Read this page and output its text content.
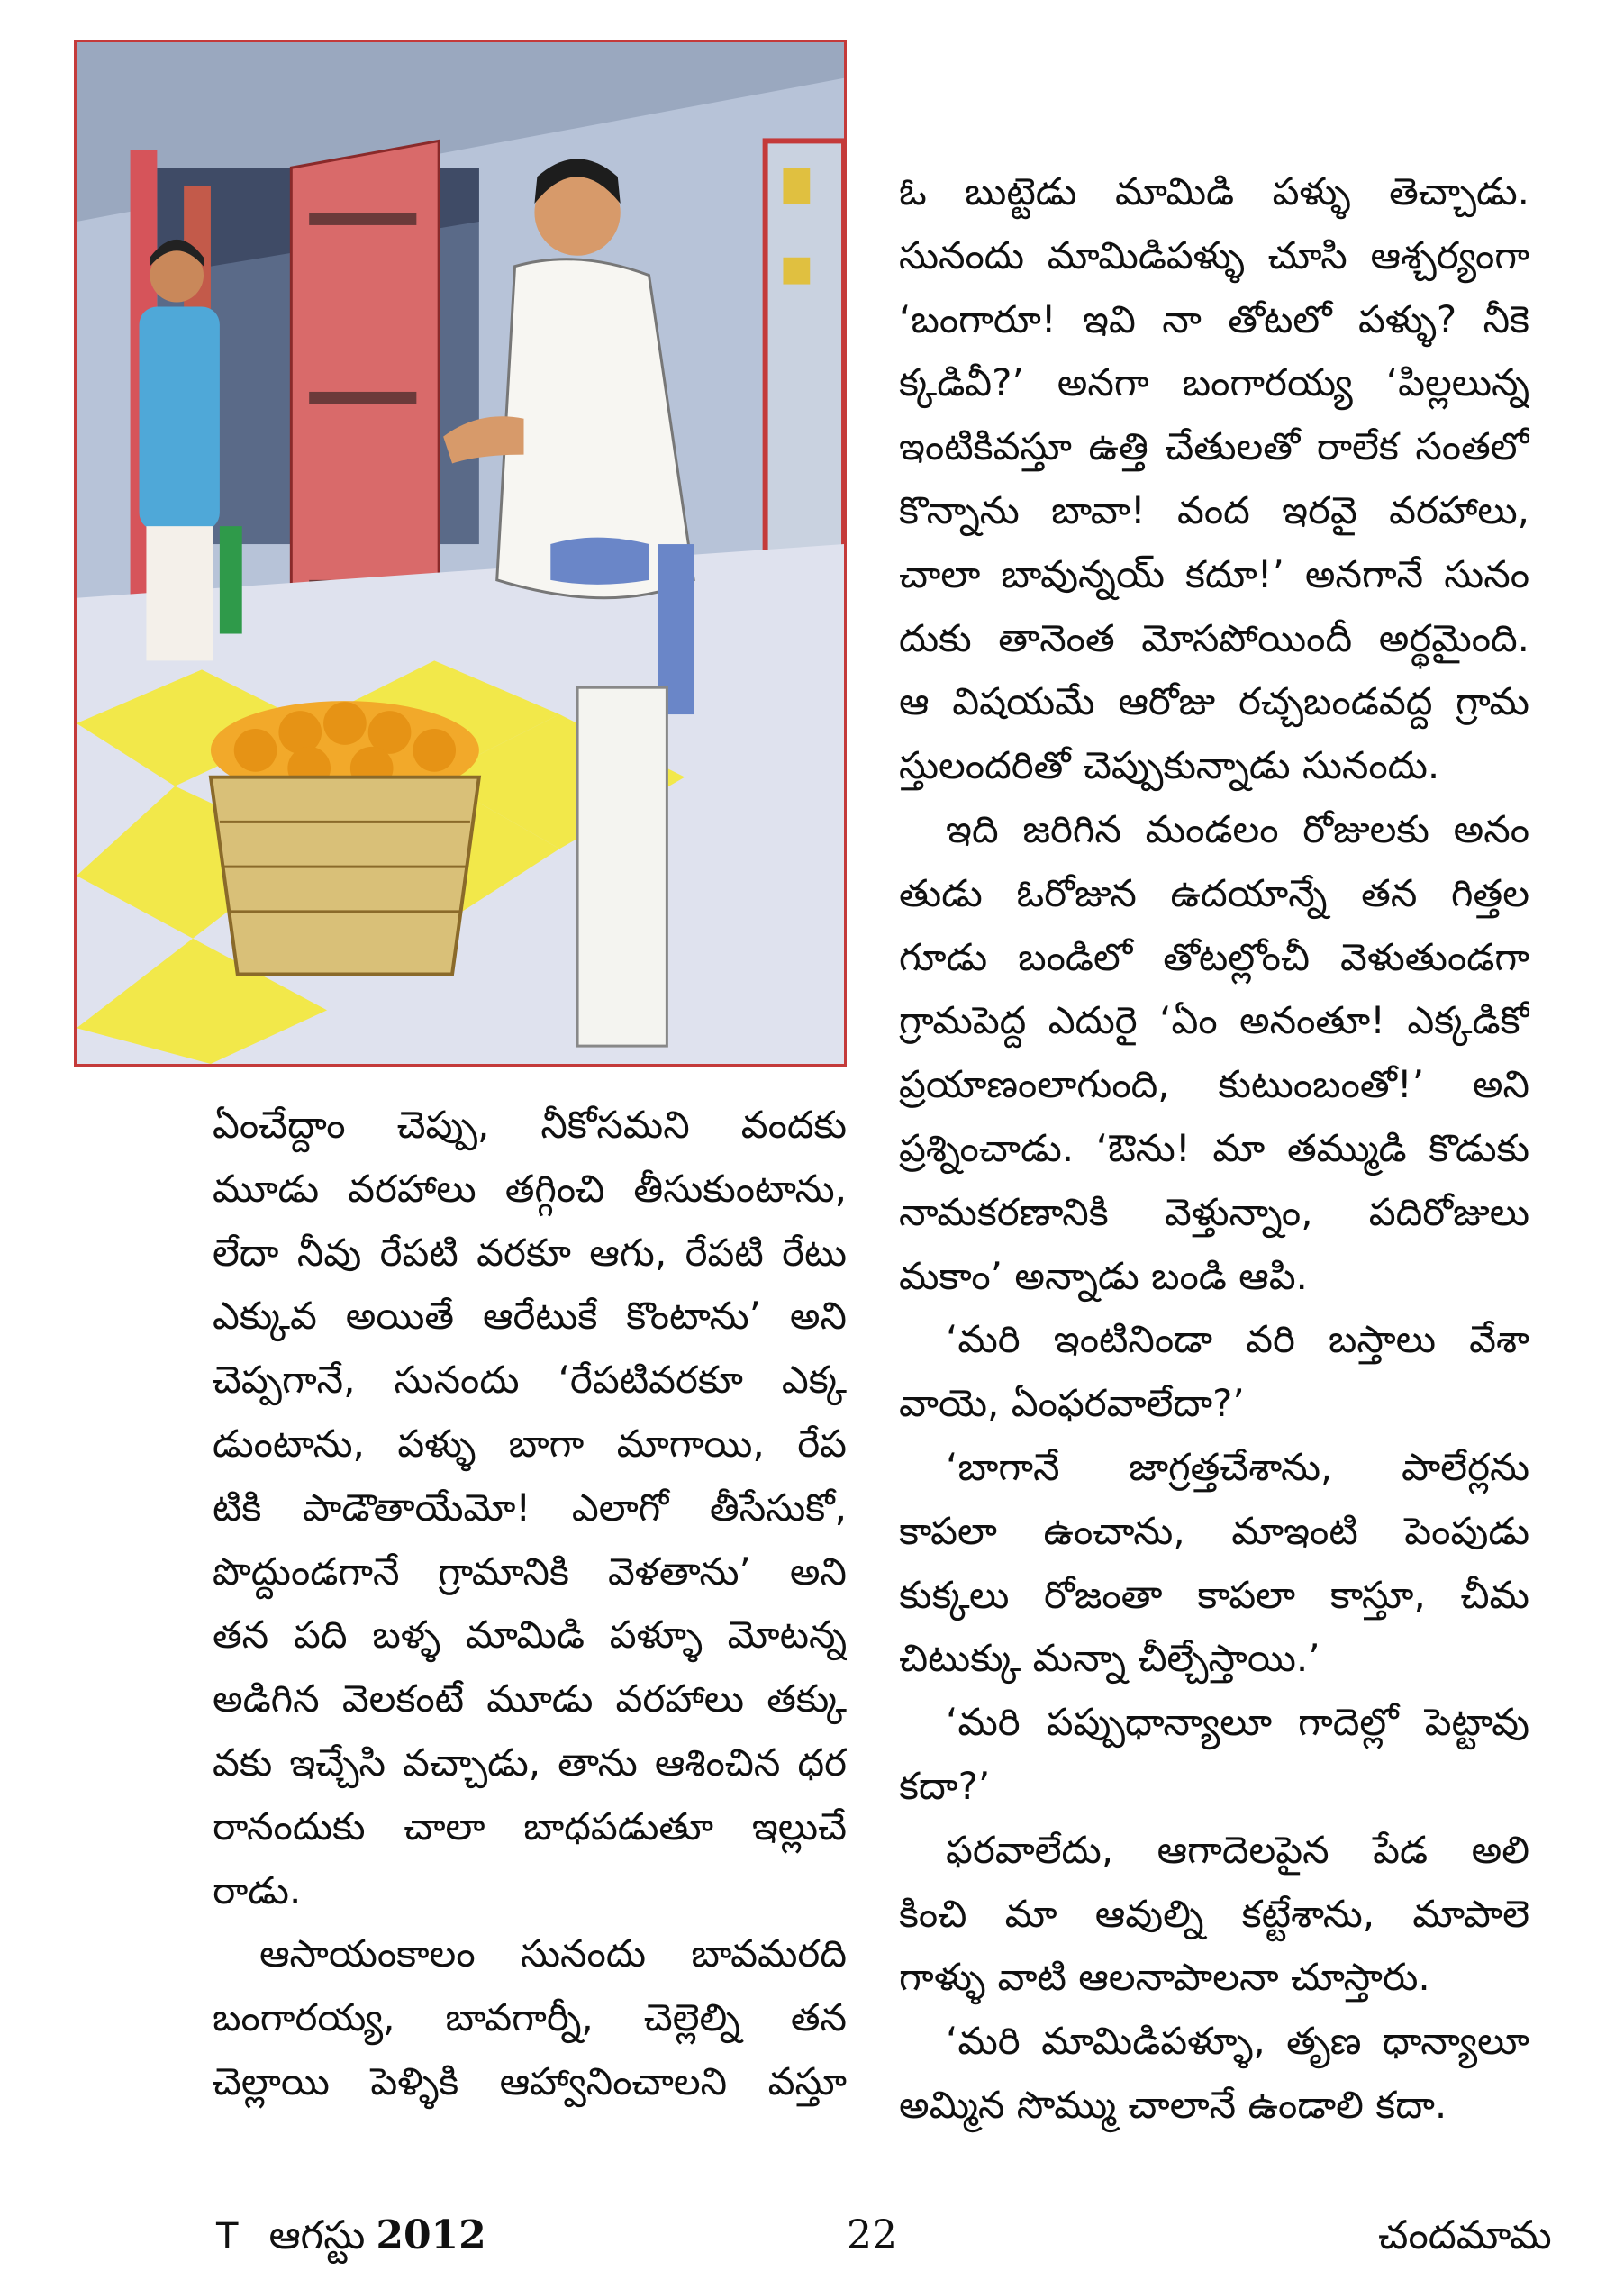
ఓ బుట్టెడు మామిడి పళ్ళు తెచ్చాడు.
సునందు మామిడిపళ్ళు చూసి ఆశ్చర్యంగా
‘బంగారూ! ఇవి నా తోటలో పళ్ళు? నీకె
క్కడివీ?’ అనగా బంగారయ్య ‘పిల్లలున్న
ఇంటికివస్తూ ఉత్తి చేతులతో రాలేక సంతలో
కొన్నాను బావా! వంద ఇరవై వరహాలు,
చాలా బావున్నయ్ కదూ!’ అనగానే సునం
దుకు తానెంత మోసపోయిందీ అర్థమైంది.
ఆ విషయమే ఆరోజు రచ్చబండవద్ద గ్రామ
స్తులందరితో చెప్పుకున్నాడు సునందు.
ఇది జరిగిన మండలం రోజులకు అనం
తుడు ఓరోజున ఉదయాన్నే తన గిత్తల
గూడు బండిలో తోటల్లోంచీ వెళుతుండగా
గ్రామపెద్ద ఎదురై ‘ఏం అనంతూ! ఎక్కడికో
ప్రయాణంలాగుంది, కుటుంబంతో!’ అని
ప్రశ్నించాడు. ‘ఔను! మా తమ్ముడి కొడుకు
నామకరణానికి వెళ్తున్నాం, పదిరోజులు
మకాం’ అన్నాడు బండి ఆపి.
‘మరి ఇంటినిండా వరి బస్తాలు వేశా
వాయె, ఏంఫరవాలేదా?’
‘బాగానే జాగ్రత్తచేశాను, పాలేర్లను
కాపలా ఉంచాను, మాఇంటి పెంపుడు
కుక్కలు రోజంతా కాపలా కాస్తూ, చీమ
చిటుక్కు మన్నా చీల్చేస్తాయి.’
‘మరి పప్పుధాన్యాలూ గాదెల్లో పెట్టావు
కదా?’
ఫరవాలేదు, ఆగాదెలపైన పేడ అలి
కించి మా ఆవుల్ని కట్టేశాను, మాపాలె
గాళ్ళు వాటి ఆలనాపాలనా చూస్తారు.
‘మరి మామిడిపళ్ళూ, తృణ ధాన్యాలూ
అమ్మిన సొమ్ము చాలానే ఉండాలి కదా.
ఏంచేద్దాం చెప్పు, నీకోసమని వందకు
మూడు వరహాలు తగ్గించి తీసుకుంటాను,
లేదా నీవు రేపటి వరకూ ఆగు, రేపటి రేటు
ఎక్కువ అయితే ఆరేటుకే కొంటాను’ అని
చెప్పగానే, సునందు ‘రేపటివరకూ ఎక్క
డుంటాను, పళ్ళు బాగా మాగాయి, రేప
టికి పాడౌతాయేమో! ఎలాగో తీసేసుకో,
పొద్దుండగానే గ్రామానికి వెళతాను’ అని
తన పది బళ్ళ మామిడి పళ్ళూ మోటన్న
అడిగిన వెలకంటే మూడు వరహాలు తక్కు
వకు ఇచ్చేసి వచ్చాడు, తాను ఆశించిన ధర
రానందుకు చాలా బాధపడుతూ ఇల్లుచే
రాడు.
ఆసాయంకాలం సునందు బావమరది
బంగారయ్య, బావగార్నీ, చెల్లెల్ని తన
చెల్లాయి పెళ్ళికి ఆహ్వానించాలని వస్తూ
T ఆగస్టు 2012	22	చందమామ
